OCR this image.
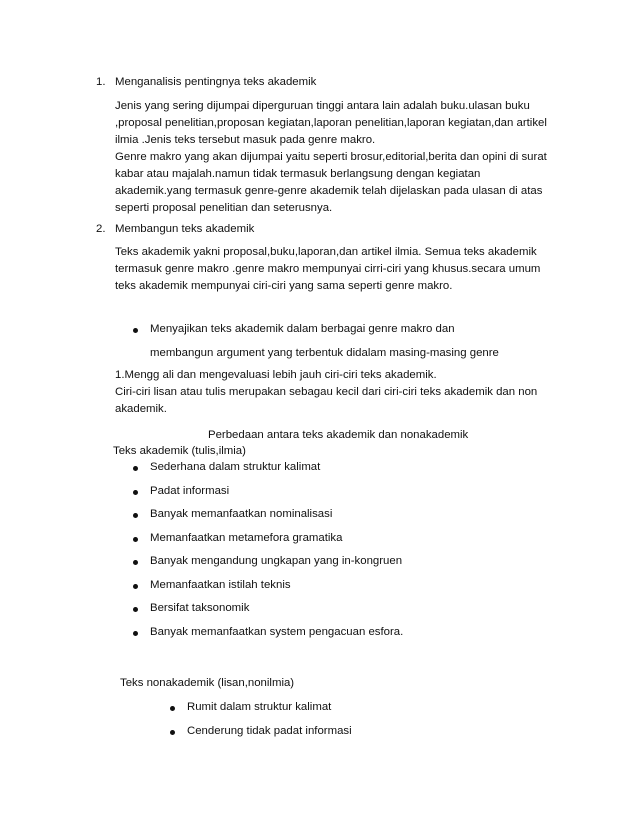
1. Menganalisis pentingnya teks akademik
Jenis yang sering dijumpai diperguruan tinggi antara lain adalah buku.ulasan buku
,proposal penelitian,proposan kegiatan,laporan penelitian,laporan kegiatan,dan artikel
ilmia .Jenis teks tersebut masuk pada genre makro.
Genre makro yang akan dijumpai yaitu seperti brosur,editorial,berita dan opini di surat
kabar atau majalah.namun tidak termasuk berlangsung dengan kegiatan
akademik.yang termasuk genre-genre akademik telah dijelaskan pada ulasan di atas
seperti proposal penelitian dan seterusnya.
2. Membangun teks akademik
Teks akademik yakni proposal,buku,laporan,dan artikel ilmia. Semua teks akademik
termasuk genre makro .genre makro mempunyai cirri-ciri yang khusus.secara umum
teks akademik mempunyai ciri-ciri yang sama seperti genre makro.
Menyajikan teks akademik dalam berbagai genre makro dan
membangun argument yang terbentuk didalam masing-masing genre
1.Mengg ali dan mengevaluasi lebih jauh ciri-ciri teks akademik.
Ciri-ciri lisan atau tulis merupakan sebagau kecil dari ciri-ciri teks akademik dan non
akademik.
Perbedaan antara teks akademik dan nonakademik
Teks akademik (tulis,ilmia)
Sederhana dalam struktur kalimat
Padat informasi
Banyak memanfaatkan nominalisasi
Memanfaatkan metamefora gramatika
Banyak mengandung ungkapan yang in-kongruen
Memanfaatkan istilah teknis
Bersifat taksonomik
Banyak memanfaatkan system pengacuan esfora.
Teks nonakademik (lisan,nonilmia)
Rumit dalam struktur kalimat
Cenderung tidak padat informasi
